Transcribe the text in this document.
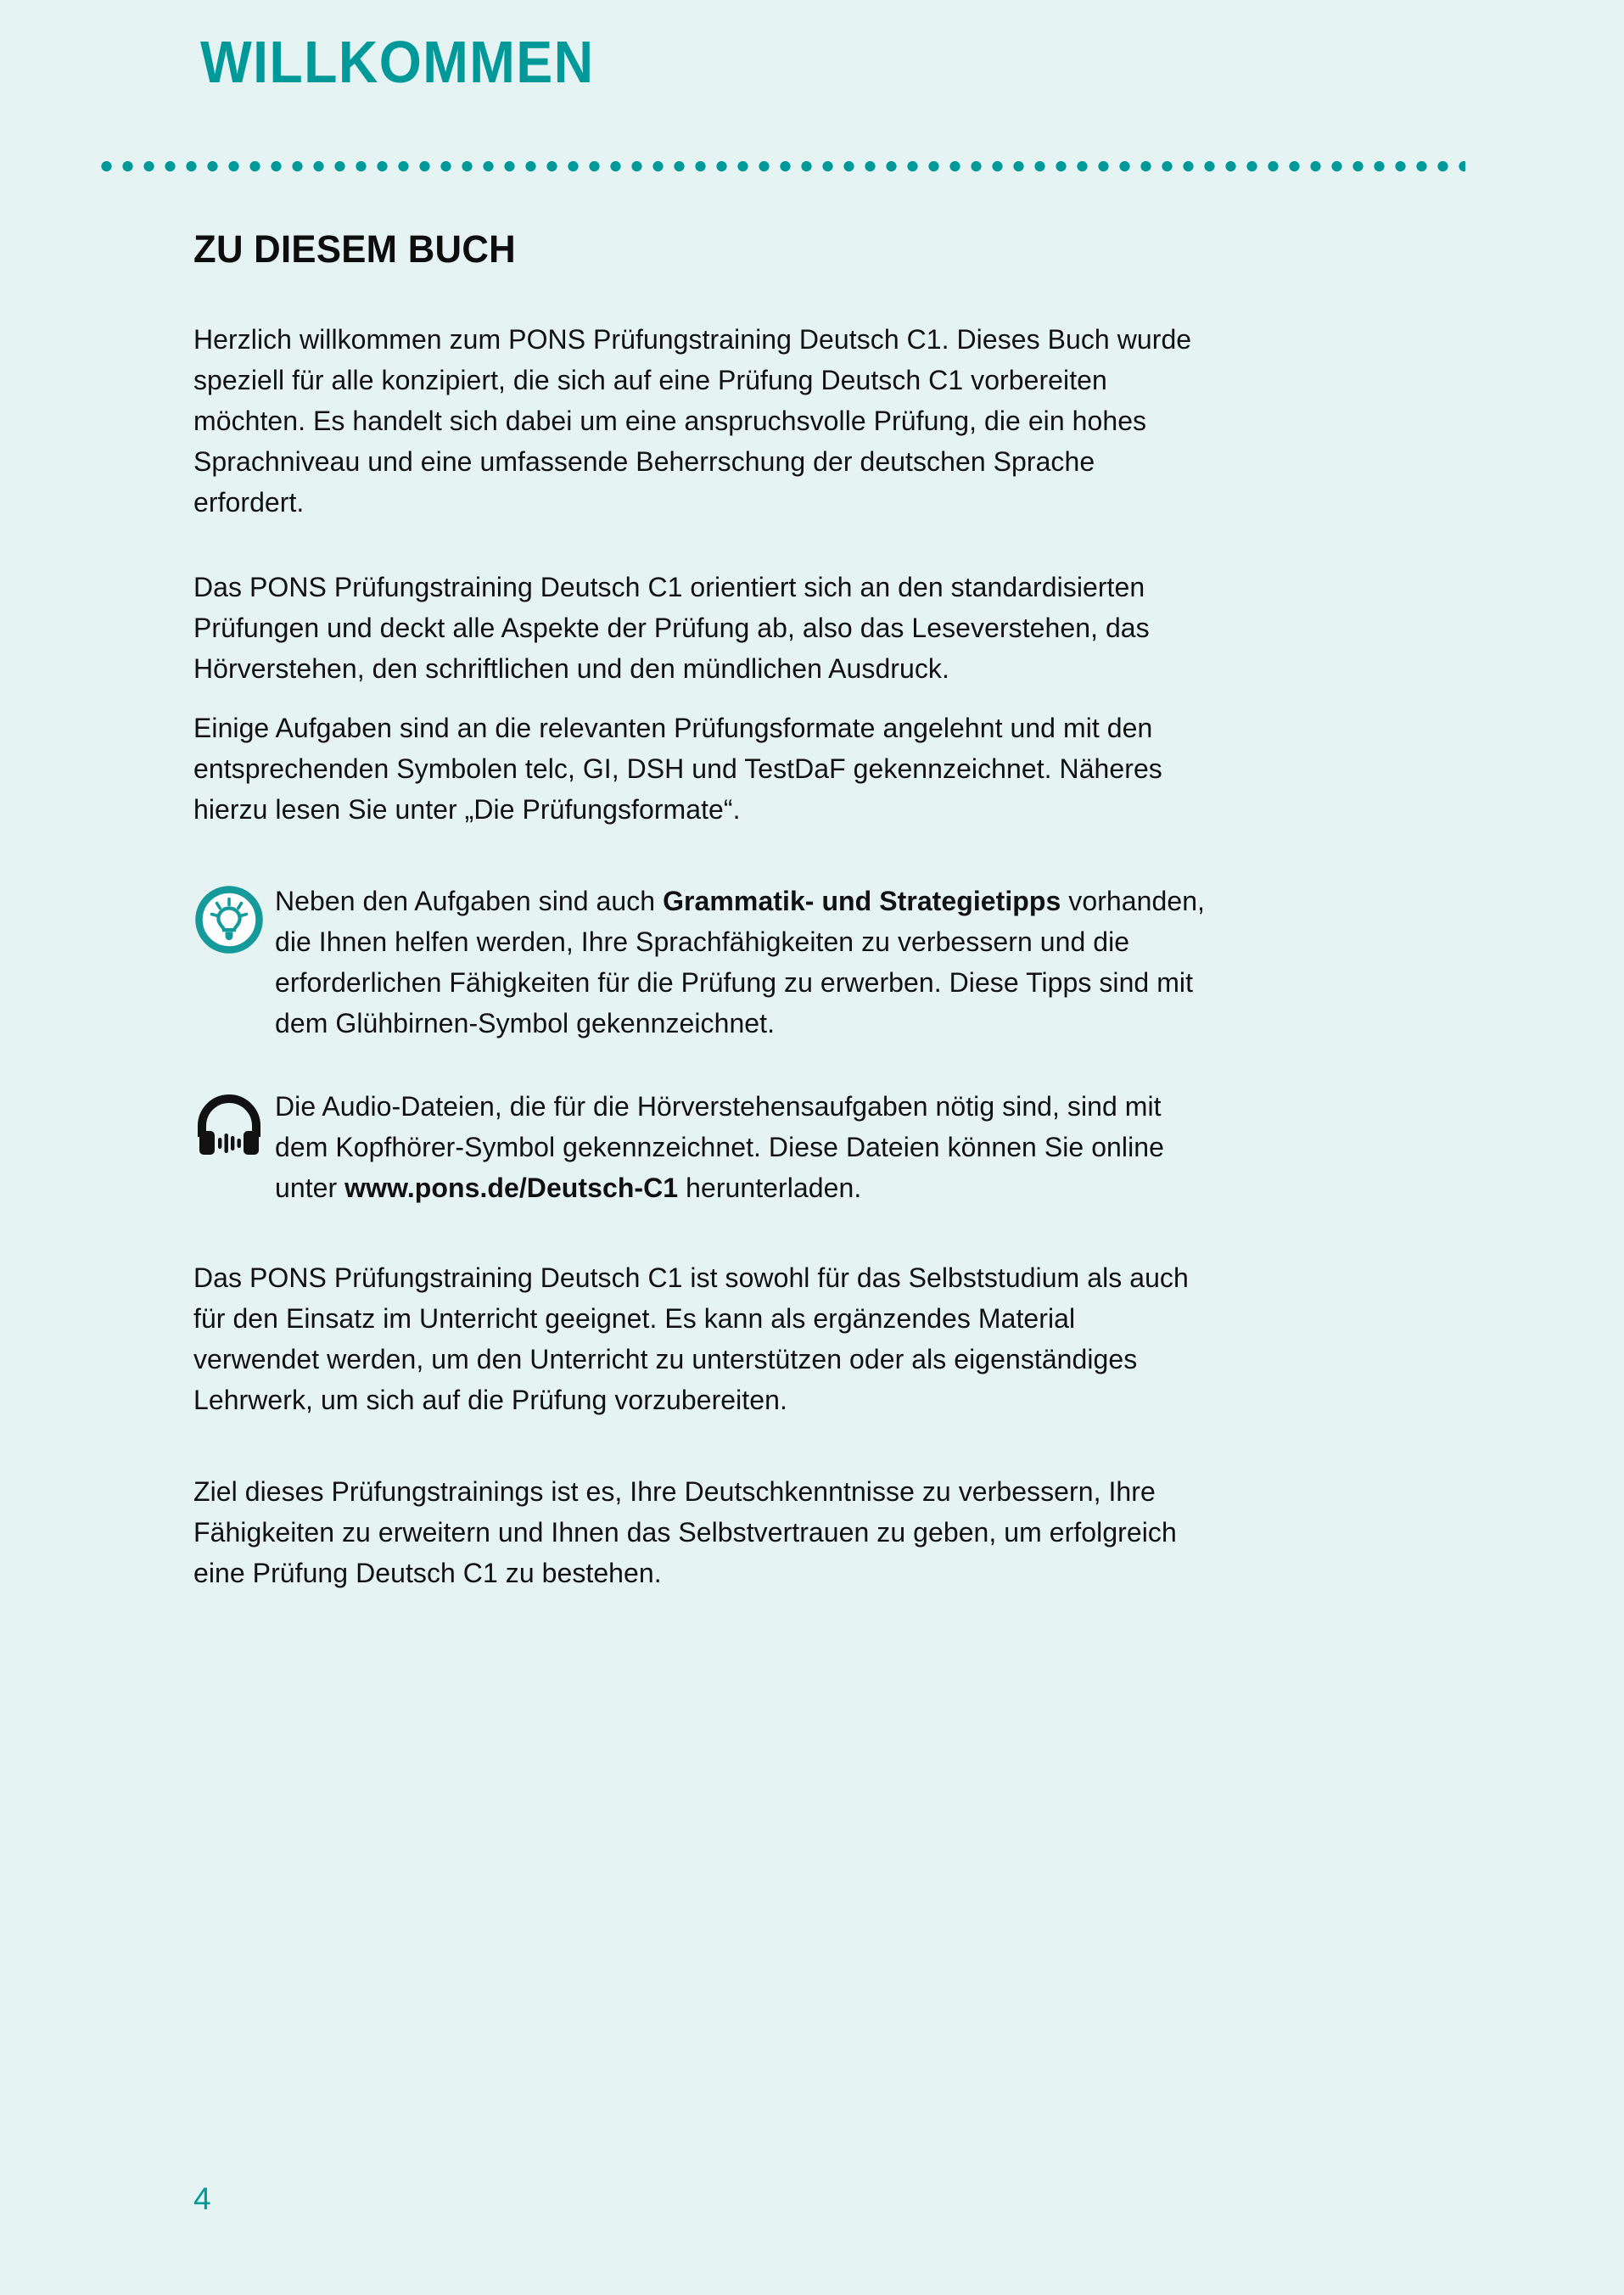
WILLKOMMEN
ZU DIESEM BUCH

Herzlich willkommen zum PONS Prüfungstraining Deutsch C1. Dieses Buch wurde speziell für alle konzipiert, die sich auf eine Prüfung Deutsch C1 vorbereiten möchten. Es handelt sich dabei um eine anspruchsvolle Prüfung, die ein hohes Sprachniveau und eine umfassende Beherrschung der deutschen Sprache erfordert.

Das PONS Prüfungstraining Deutsch C1 orientiert sich an den standardisierten Prüfungen und deckt alle Aspekte der Prüfung ab, also das Leseverstehen, das Hörverstehen, den schriftlichen und den mündlichen Ausdruck.

Einige Aufgaben sind an die relevanten Prüfungsformate angelehnt und mit den entsprechenden Symbolen telc, GI, DSH und TestDaF gekennzeichnet. Näheres hierzu lesen Sie unter „Die Prüfungsformate“.

Neben den Aufgaben sind auch Grammatik- und Strategietipps vorhanden, die Ihnen helfen werden, Ihre Sprachfähigkeiten zu verbessern und die erforderlichen Fähigkeiten für die Prüfung zu erwerben. Diese Tipps sind mit dem Glühbirnen-Symbol gekennzeichnet.

Die Audio-Dateien, die für die Hörverstehensaufgaben nötig sind, sind mit dem Kopfhörer-Symbol gekennzeichnet. Diese Dateien können Sie online unter www.pons.de/Deutsch-C1 herunterladen.

Das PONS Prüfungstraining Deutsch C1 ist sowohl für das Selbststudium als auch für den Einsatz im Unterricht geeignet. Es kann als ergänzendes Material verwendet werden, um den Unterricht zu unterstützen oder als eigenständiges Lehrwerk, um sich auf die Prüfung vorzubereiten.

Ziel dieses Prüfungstrainings ist es, Ihre Deutschkenntnisse zu verbessern, Ihre Fähigkeiten zu erweitern und Ihnen das Selbstvertrauen zu geben, um erfolgreich eine Prüfung Deutsch C1 zu bestehen.

4
